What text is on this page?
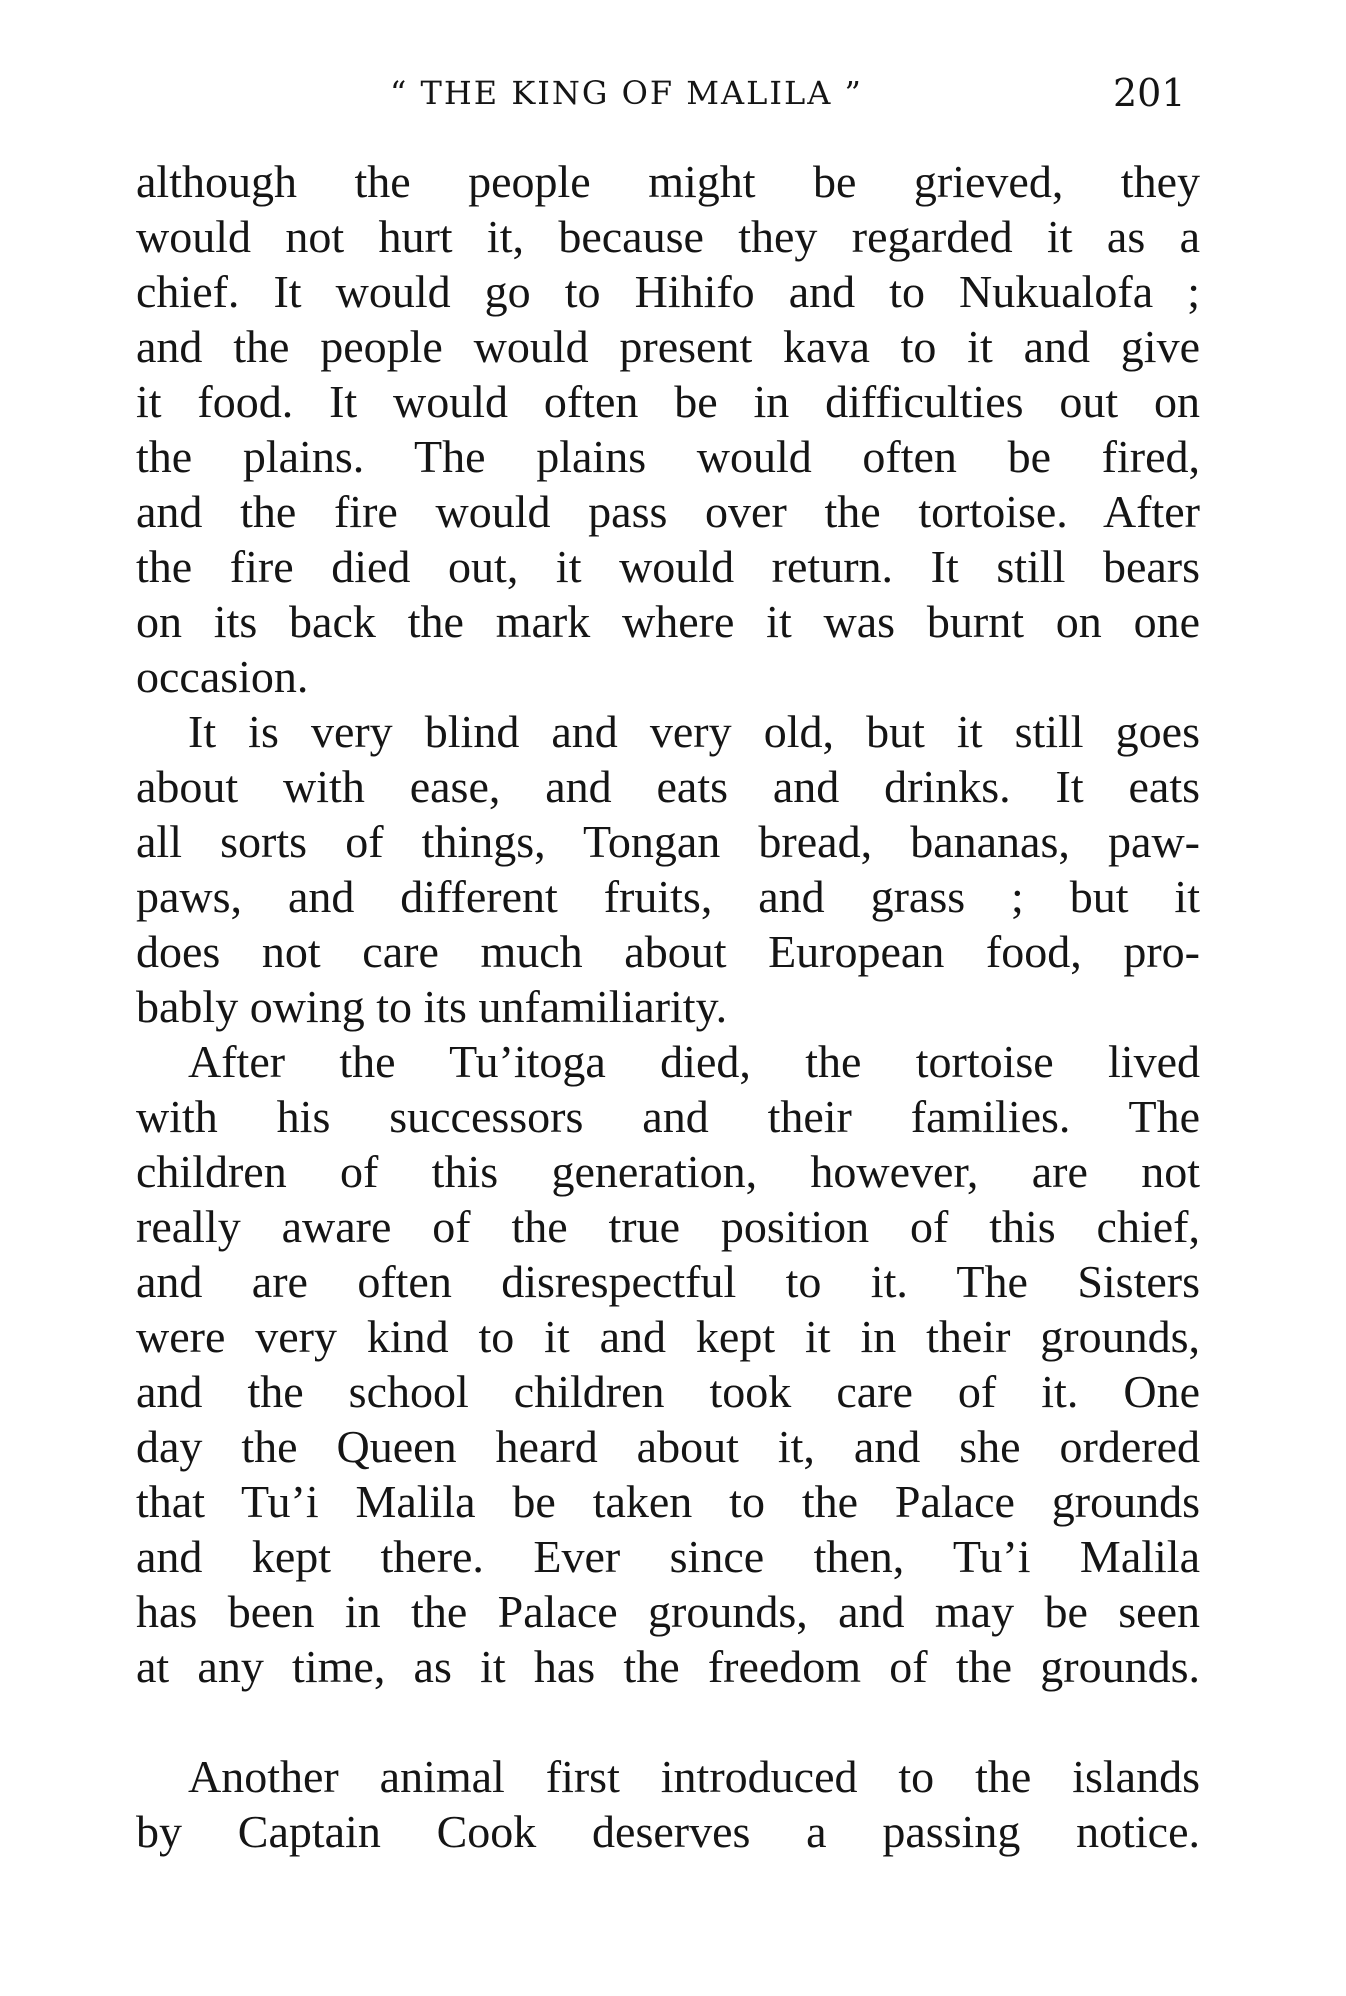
“ THE KING OF MALILA ”	201
although the people might be grieved, they
would not hurt it, because they regarded it as a
chief. It would go to Hihifo and to Nukualofa ;
and the people would present kava to it and give
it food. It would often be in difficulties out on
the plains. The plains would often be fired,
and the fire would pass over the tortoise. After
the fire died out, it would return. It still bears
on its back the mark where it was burnt on one
occasion.
It is very blind and very old, but it still goes
about with ease, and eats and drinks. It eats
all sorts of things, Tongan bread, bananas, paw-
paws, and different fruits, and grass ; but it
does not care much about European food, pro-
bably owing to its unfamiliarity.
After the Tu’itoga died, the tortoise lived
with his successors and their families. The
children of this generation, however, are not
really aware of the true position of this chief,
and are often disrespectful to it. The Sisters
were very kind to it and kept it in their grounds,
and the school children took care of it. One
day the Queen heard about it, and she ordered
that Tu’i Malila be taken to the Palace grounds
and kept there. Ever since then, Tu’i Malila
has been in the Palace grounds, and may be seen
at any time, as it has the freedom of the grounds.
Another animal first introduced to the islands
by Captain Cook deserves a passing notice.
